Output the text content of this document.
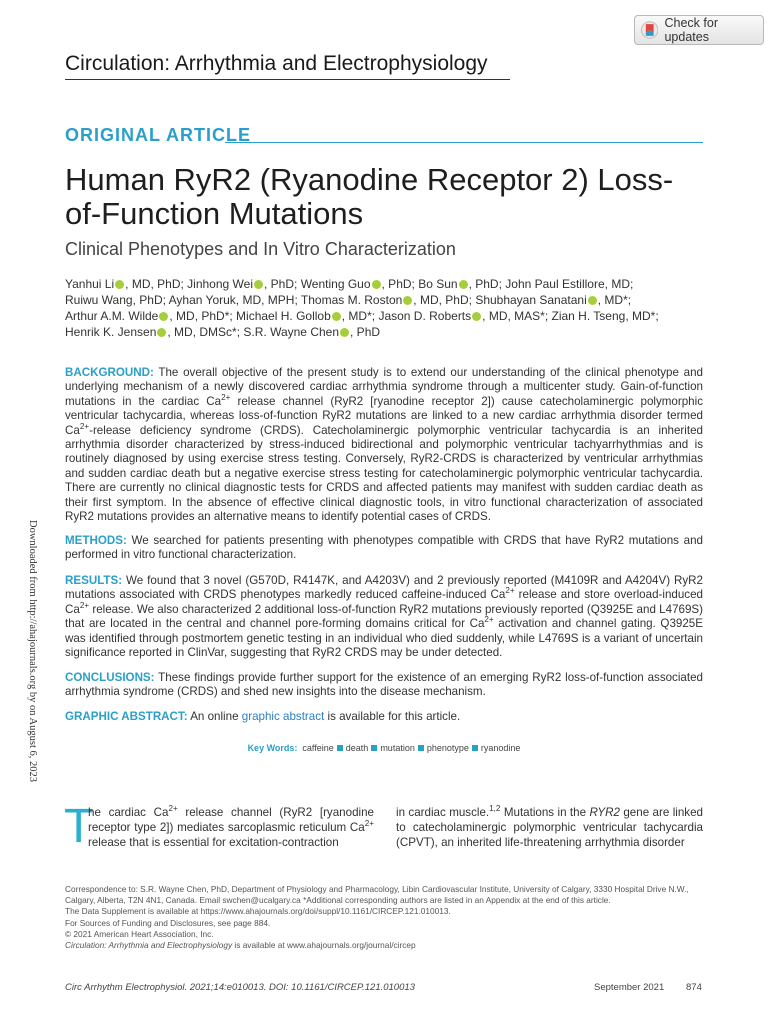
Check for updates
Circulation: Arrhythmia and Electrophysiology
ORIGINAL ARTICLE
Human RyR2 (Ryanodine Receptor 2) Loss-of-Function Mutations
Clinical Phenotypes and In Vitro Characterization
Yanhui Li , MD, PhD; Jinhong Wei , PhD; Wenting Guo , PhD; Bo Sun , PhD; John Paul Estillore, MD;
Ruiwu Wang, PhD; Ayhan Yoruk, MD, MPH; Thomas M. Roston , MD, PhD; Shubhayan Sanatani , MD*;
Arthur A.M. Wilde , MD, PhD*; Michael H. Gollob , MD*; Jason D. Roberts , MD, MAS*; Zian H. Tseng, MD*;
Henrik K. Jensen , MD, DMSc*; S.R. Wayne Chen , PhD
BACKGROUND: The overall objective of the present study is to extend our understanding of the clinical phenotype and underlying mechanism of a newly discovered cardiac arrhythmia syndrome through a multicenter study. Gain-of-function mutations in the cardiac $Ca^{2+}$ release channel (RyR2 [ryanodine receptor 2]) cause catecholaminergic polymorphic ventricular tachycardia, whereas loss-of-function RyR2 mutations are linked to a new cardiac arrhythmia disorder termed $Ca^{2+}$-release deficiency syndrome (CRDS). Catecholaminergic polymorphic ventricular tachycardia is an inherited arrhythmia disorder characterized by stress-induced bidirectional and polymorphic ventricular tachyarrhythmias and is routinely diagnosed by using exercise stress testing. Conversely, RyR2-CRDS is characterized by ventricular arrhythmias and sudden cardiac death but a negative exercise stress testing for catecholaminergic polymorphic ventricular tachycardia. There are currently no clinical diagnostic tests for CRDS and affected patients may manifest with sudden cardiac death as their first symptom. In the absence of effective clinical diagnostic tools, in vitro functional characterization of associated RyR2 mutations provides an alternative means to identify potential cases of CRDS.
METHODS: We searched for patients presenting with phenotypes compatible with CRDS that have RyR2 mutations and performed in vitro functional characterization.
RESULTS: We found that 3 novel (G570D, R4147K, and A4203V) and 2 previously reported (M4109R and A4204V) RyR2 mutations associated with CRDS phenotypes markedly reduced caffeine-induced $Ca^{2+}$ release and store overload-induced $Ca^{2+}$ release. We also characterized 2 additional loss-of-function RyR2 mutations previously reported (Q3925E and L4769S) that are located in the central and channel pore-forming domains critical for $Ca^{2+}$ activation and channel gating. Q3925E was identified through postmortem genetic testing in an individual who died suddenly, while L4769S is a variant of uncertain significance reported in ClinVar, suggesting that RyR2 CRDS may be under detected.
CONCLUSIONS: These findings provide further support for the existence of an emerging RyR2 loss-of-function associated arrhythmia syndrome (CRDS) and shed new insights into the disease mechanism.
GRAPHIC ABSTRACT: An online graphic abstract is available for this article.
Key Words: caffeine death mutation phenotype ryanodine
T
he cardiac $Ca^{2+}$ release channel (RyR2 [ryanodine receptor type 2]) mediates sarcoplasmic reticulum $Ca^{2+}$ release that is essential for excitation-contraction
in cardiac muscle.$^{1,2}$ Mutations in the RYR2 gene are linked to catecholaminergic polymorphic ventricular tachycardia (CPVT), an inherited life-threatening arrhythmia disorder
Correspondence to: S.R. Wayne Chen, PhD, Department of Physiology and Pharmacology, Libin Cardiovascular Institute, University of Calgary, 3330 Hospital Drive N.W., Calgary, Alberta, T2N 4N1, Canada. Email swchen@ucalgary.ca *Additional corresponding authors are listed in an Appendix at the end of this article.
The Data Supplement is available at https://www.ahajournals.org/doi/suppl/10.1161/CIRCEP.121.010013.
For Sources of Funding and Disclosures, see page 884.
© 2021 American Heart Association, Inc.
Circulation: Arrhythmia and Electrophysiology is available at www.ahajournals.org/journal/circep
Downloaded from http://ahajournals.org by on August 6, 2023
Circ Arrhythm Electrophysiol. 2021;14:e010013. DOI: 10.1161/CIRCEP.121.010013	September 2021 874
